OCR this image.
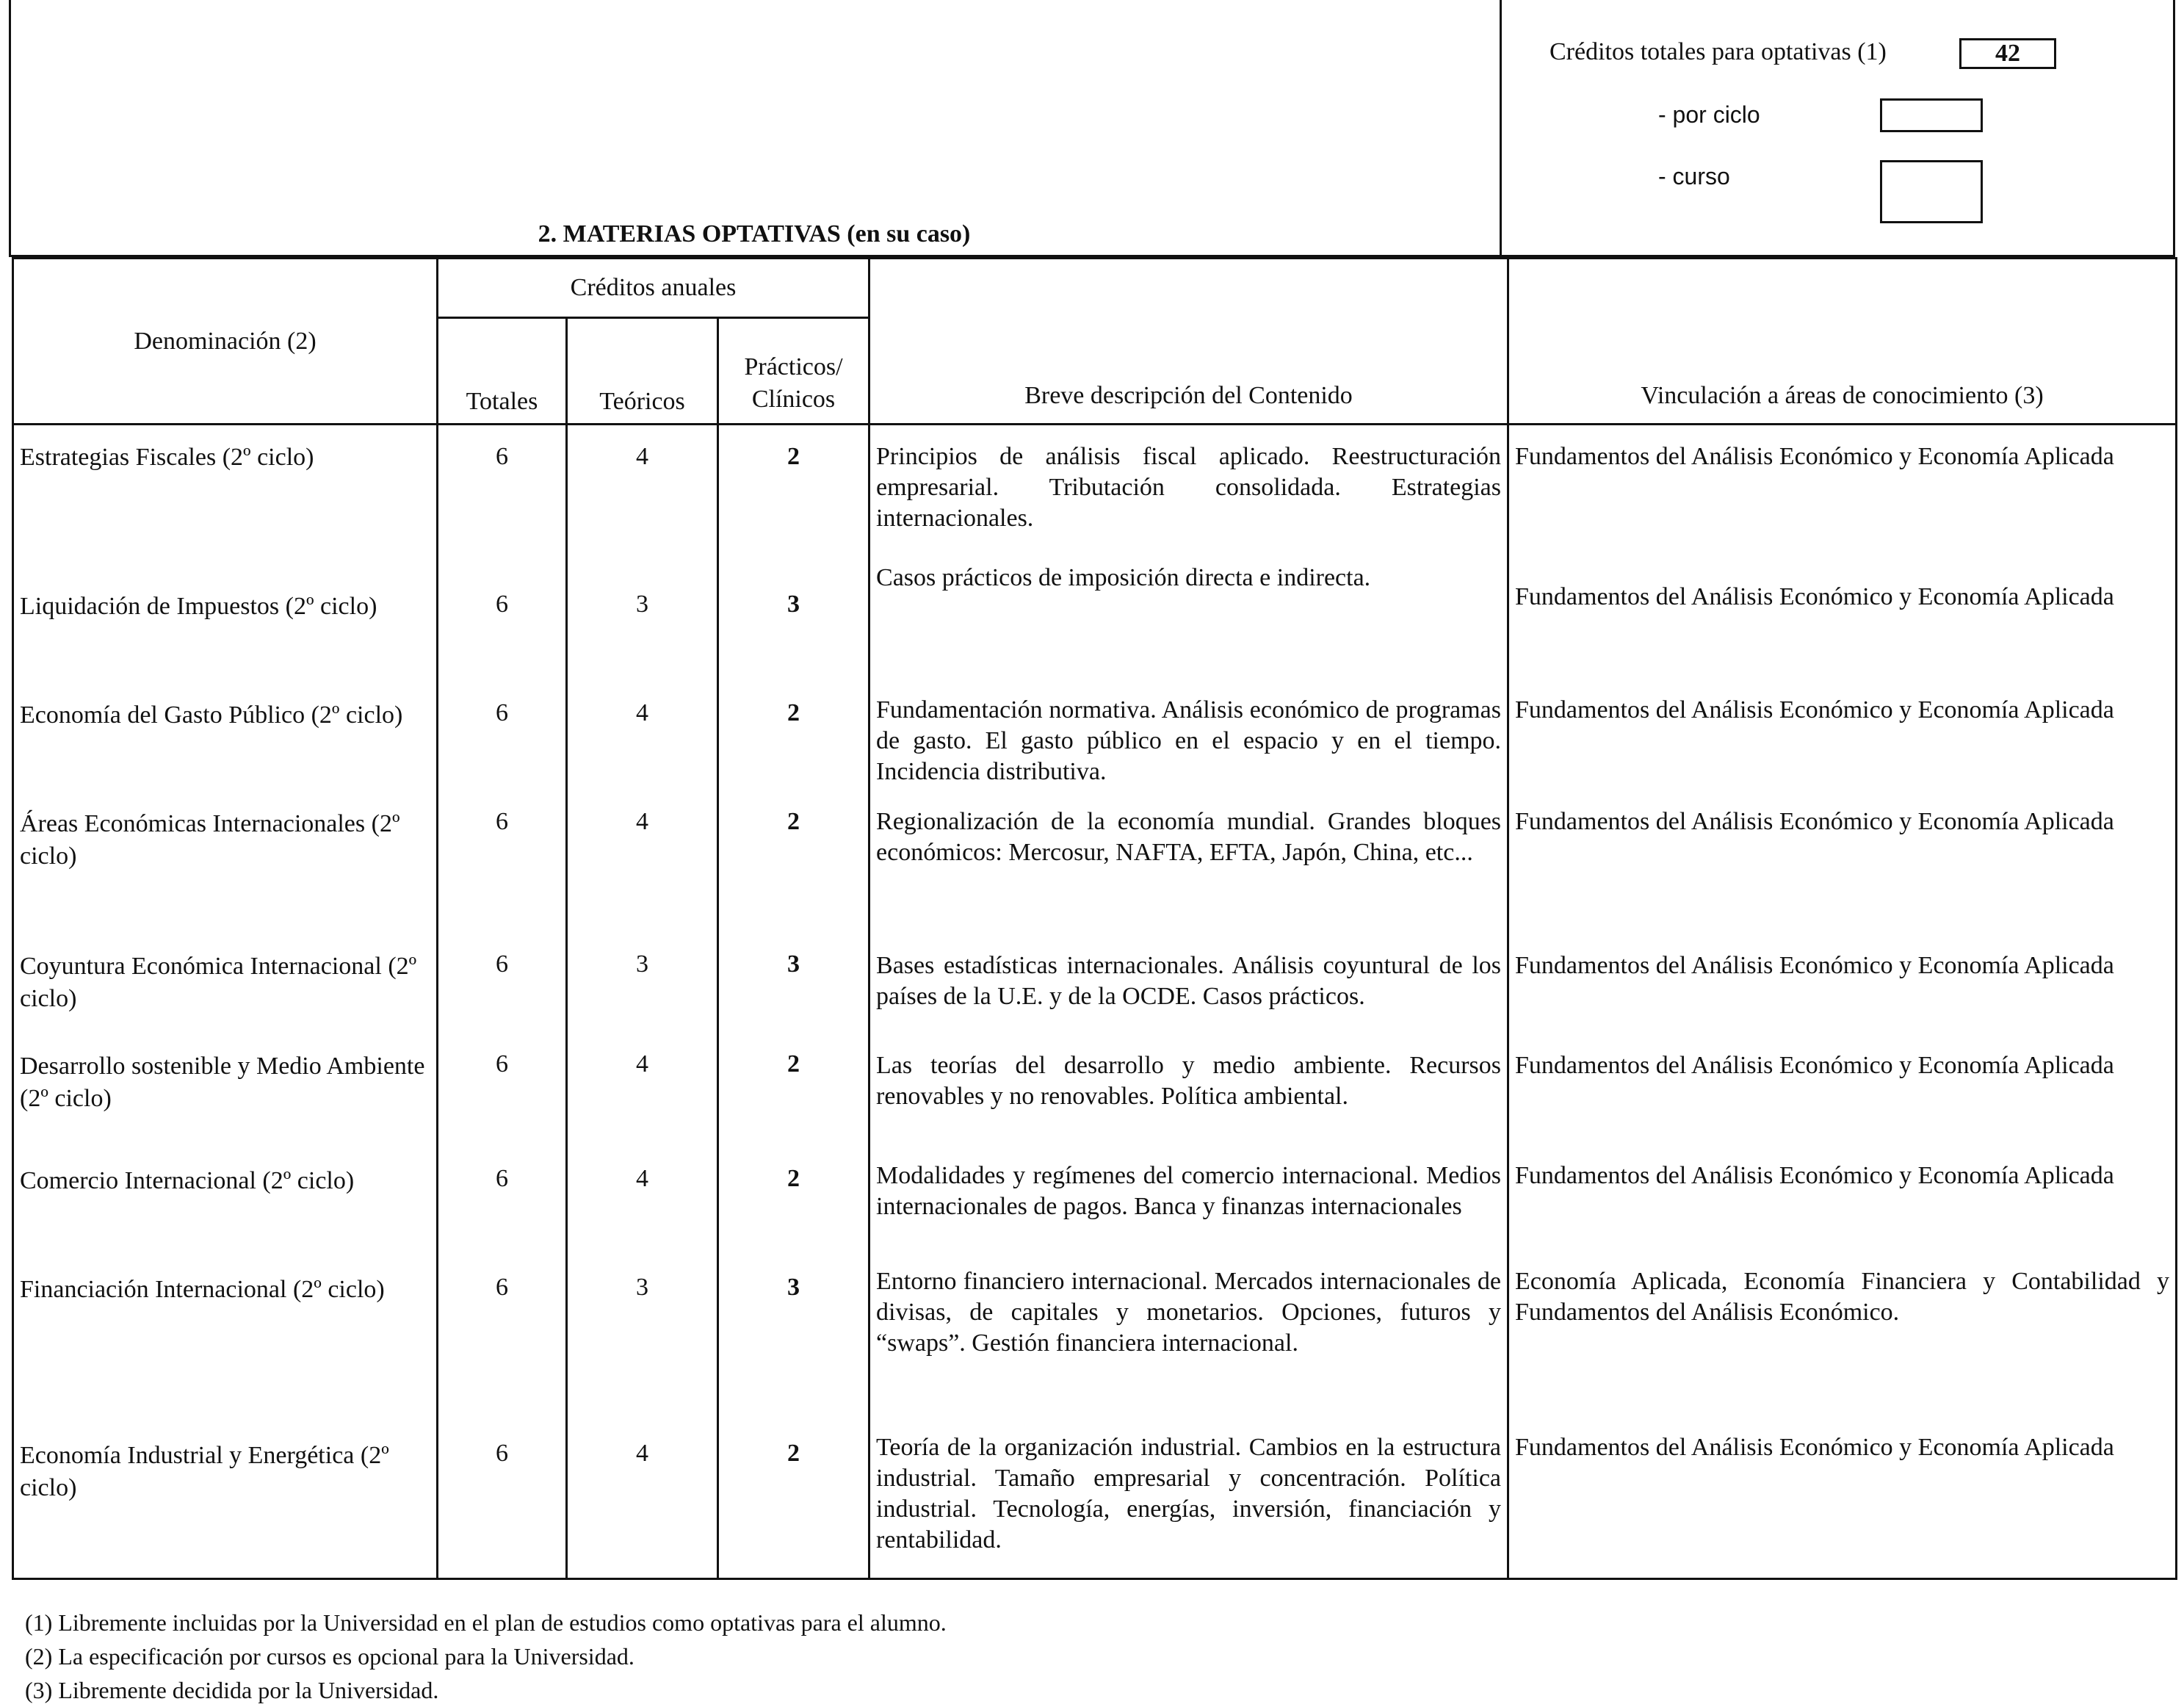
2. MATERIAS OPTATIVAS (en su caso)
Créditos totales para optativas (1)	42
- por ciclo
- curso
Denominación (2)	Créditos anuales			Breve descripción del Contenido	Vinculación a áreas de conocimiento (3)
	Totales	Teóricos	Prácticos/ Clínicos		
Estrategias Fiscales (2º ciclo)	6	4	2	Principios de análisis fiscal aplicado. Reestructuración empresarial. Tributación consolidada. Estrategias internacionales.	Fundamentos del Análisis Económico y Economía Aplicada
Liquidación de Impuestos (2º ciclo)	6	3	3	Casos prácticos de imposición directa e indirecta.	Fundamentos del Análisis Económico y Economía Aplicada
Economía del Gasto Público (2º ciclo)	6	4	2	Fundamentación normativa. Análisis económico de programas de gasto. El gasto público en el espacio y en el tiempo. Incidencia distributiva.	Fundamentos del Análisis Económico y Economía Aplicada
Áreas Económicas Internacionales (2º ciclo)	6	4	2	Regionalización de la economía mundial. Grandes bloques económicos: Mercosur, NAFTA, EFTA, Japón, China, etc...	Fundamentos del Análisis Económico y Economía Aplicada
Coyuntura Económica Internacional (2º ciclo)	6	3	3	Bases estadísticas internacionales. Análisis coyuntural de los países de la U.E. y de la OCDE. Casos prácticos.	Fundamentos del Análisis Económico y Economía Aplicada
Desarrollo sostenible y Medio Ambiente (2º ciclo)	6	4	2	Las teorías del desarrollo y medio ambiente. Recursos renovables y no renovables. Política ambiental.	Fundamentos del Análisis Económico y Economía Aplicada
Comercio Internacional (2º ciclo)	6	4	2	Modalidades y regímenes del comercio internacional. Medios internacionales de pagos. Banca y finanzas internacionales	Fundamentos del Análisis Económico y Economía Aplicada
Financiación Internacional (2º ciclo)	6	3	3	Entorno financiero internacional. Mercados internacionales de divisas, de capitales y monetarios. Opciones, futuros y “swaps”. Gestión financiera internacional.	Economía Aplicada, Economía Financiera y Contabilidad y Fundamentos del Análisis Económico.
Economía Industrial y Energética (2º ciclo)	6	4	2	Teoría de la organización industrial. Cambios en la estructura industrial. Tamaño empresarial y concentración. Política industrial. Tecnología, energías, inversión, financiación y rentabilidad.	Fundamentos del Análisis Económico y Economía Aplicada
(1) Libremente incluidas por la Universidad en el plan de estudios como optativas para el alumno.
(2) La especificación por cursos es opcional para la Universidad.
(3) Libremente decidida por la Universidad.
